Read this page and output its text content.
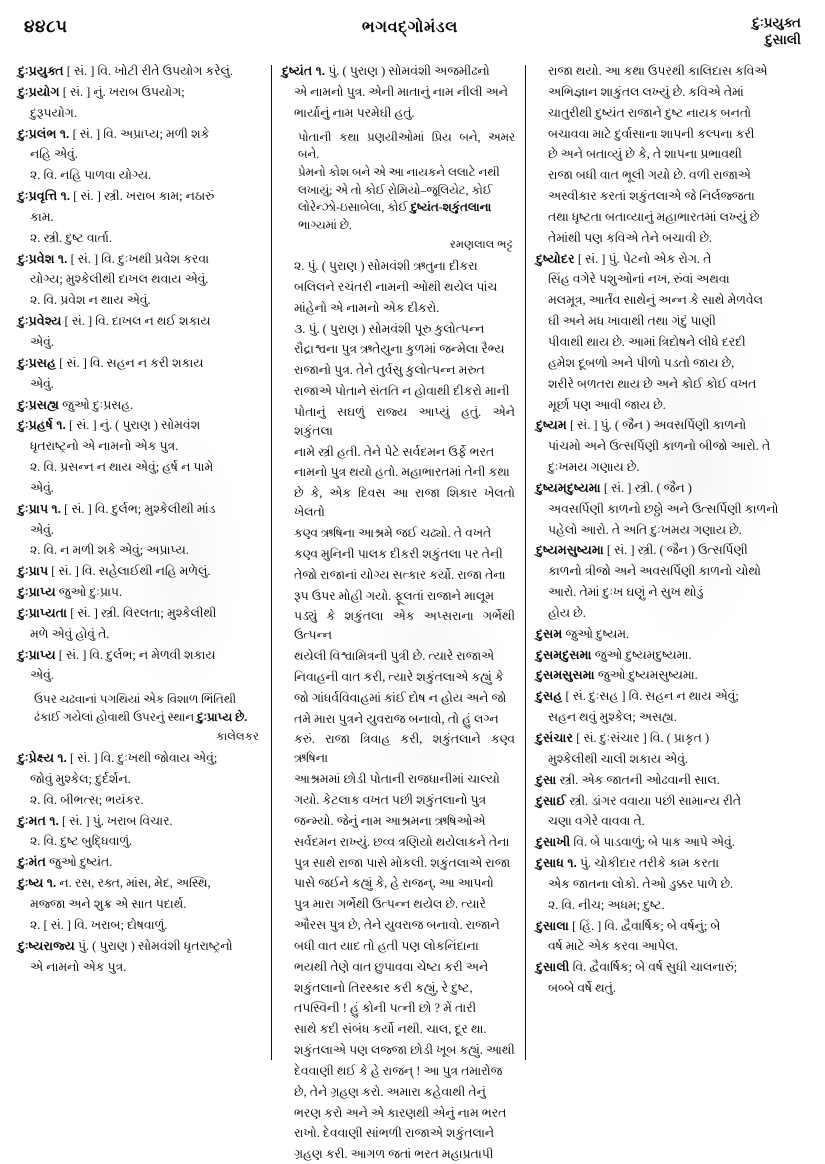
૪૪૮૫	ભગવદ્ગોમંડલ	દુઃપ્રયુક્ત
દુસાલી

દુઃપ્રયુક્ત [ સં. ] વિ. ખોટી રીતે ઉપયોગ કરેલું.

દુઃપ્રયોગ [ સં. ] નું. ખરાબ ઉપયોગ;

દુરૂપયોગ.

દુઃપ્રલંભ ૧. [ સં. ] વિ. અપ્રાપ્ય; મળી શકે

નહિ એવું.

૨. વિ. નહિ પાળવા યોગ્ય.

દુઃપ્રવૃત્તિ ૧. [ સં. ] સ્ત્રી. ખરાબ કામ; નઠારું

કામ.

૨. સ્ત્રી. દુષ્ટ વાર્તા.

દુઃપ્રવેશ ૧. [ સં. ] વિ. દુઃખથી પ્રવેશ કરવા

યોગ્ય; મુશ્કેલીથી દાખલ થવાય એવું.

૨. વિ. પ્રવેશ ન થાય એવું.

દુઃપ્રવેશ્ય [ સં. ] વિ. દાખલ ન થઈ શકાય

એવું.

દુઃપ્રસહ [ સં. ] વિ. સહન ન કરી શકાય

એવું.

દુઃપ્રસહ્ય જુઓ દુઃપ્રસહ.

દુઃપ્રહર્ષ ૧. [ સં. ] નું. ( પુરાણ ) સોમવંશ

ધૃતરાષ્ટ્રનો એ નામનો એક પુત્ર.

૨. વિ. પ્રસન્ન ન થાય એવું; હર્ષ ન પામે

એવું.

દુઃપ્રાપ ૧. [ સં. ] વિ. દુર્લભ; મુશ્કેલીથી માંડ

એવું.

૨. વિ. ન મળી શકે એવું; અપ્રાપ્ય.

દુઃપ્રાપ [ સં. ] વિ. સહેલાઈથી નહિ મળેલું.

દુઃપ્રાપ્ય જુઓ દુઃપ્રાપ.

દુઃપ્રાપ્યતા [ સં. ] સ્ત્રી. વિરલતા; મુશ્કેલીથી

મળે એવું હોવું તે.

દુઃપ્રાપ્ય [ સં. ] વિ. દુર્લભ; ન મેળવી શકાય

એવું.

ઉપર ચઢવાનાં પગથિયાં એક વિશાળ ભિંતિથી
ઢંકાઈ ગયેલાં હોવાથી ઉપરનું સ્થાન દુઃપ્રાપ્ય છે.
કાલેલકર

દુઃપ્રેક્ષ્ય ૧. [ સં. ] વિ. દુઃખથી જોવાય એવું;

જોવું મુશ્કેલ; દુર્દર્શન.

૨. વિ. બીભત્સ; ભયંકર.

દુઃમત ૧. [ સં. ] પું. ખરાબ વિચાર.

૨. વિ. દુષ્ટ બુદ્ધિવાળું.

દુઃમંત જુઓ દુષ્યંત.

દુઃષ્ય ૧. ન. રસ, રક્ત, માંસ, મેદ, અસ્થિ,

મજ્જા અને શુક્ર એ સાત પદાર્થ.

૨. [ સં. ] વિ. ખરાબ; દોષવાળું.

દુઃષ્યરાજ્ય પું. ( પુરાણ ) સોમવંશી ધૃતરાષ્ટ્રનો

એ નામનો એક પુત્ર.

દુષ્યંત ૧. પું. ( પુરાણ ) સોમવંશી અજમીઢનો

એ નામનો પુત્ર. એની માતાનું નામ નીલી અને

ભાર્યાનું નામ પરમેઘી હતું.

પોતાની કથા પ્રણયીઓમાં પ્રિય બને, અમર બને.
પ્રેમનો કોશ બને એ આ નાયકને લલાટે નથી
લખાયું; એ તો કોઈ રોમિયો–જૂલિયેટ, કોઈ
લોરેન્ઝો-ઇસાબેલા, કોઈ દુષ્યંત-શકુંતલાના
ભાગ્યમાં છે.
રમણલાલ ભટ્ટ

૨. પું. ( પુરાણ ) સોમવંશી ઋતુના દીકરા

બલિલને રચંતરી નામની ઓથી થયેલ પાંચ

માંહેનો એ નામનો એક દીકરો.

૩. પું. ( પુરાણ ) સોમવંશી પૂરુ કુલોત્પન્ન

રૌદ્રાશ્વના પુત્ર ઋતેયુના કુળમાં જન્મેલા રૈભ્ય

રાજાનો પુત્ર. તેને તુર્વસુ કુલોત્પન્ન મરુત

રાજાએ પોતાને સંતતિ ન હોવાથી દીકરો માની

પોતાનું સઘળું રાજ્ય આપ્યું હતું. એને શકુંતલા

નામે સ્ત્રી હતી. તેને પેટે સર્વદમન ઉર્ફે ભરત

નામનો પુત્ર થયો હતો. મહાભારતમાં તેની કથા

છે કે, એક દિવસ આ રાજા શિકાર ખેલતો ખેલતો

કણ્વ ઋષિના આશ્રમે જઈ ચઢ્યો. તે વખતે

કણ્વ મુનિની પાલક દીકરી શકુંતલા પર તેની

તેજો રાજાનાં યોગ્ય સત્કાર કર્યો. રાજા તેના

રૂપ ઉપર મોહી ગયો. ફૂલતાં રાજાને માલૂમ

પડ્યું કે શકુંતલા એક અપ્સરાના ગર્ભેથી ઉત્પન્ન

થયેલી વિશ્વામિત્રની પુત્રી છે. ત્યારે રાજાએ

નિવાહની વાત કરી, ત્યારે શકુંતલાએ કહ્યું કે

જો ગાંધર્વવિવાહમાં કાંઈ દોષ ન હોય અને જો

તમે મારા પુત્રને યુવરાજ બનાવો, તો હું લગ્ન

કરું. રાજા ત્રિવાહ કરી, શકુંતલાને કણ્વ ઋષિના

આશ્રમમાં છોડી પોતાની રાજધાનીમાં ચાલ્યો

ગયો. કેટલાક વખત પછી શકુંતલાનો પુત્ર

જન્મ્યો. જેનું નામ આશ્રમના ઋષિઓએ

સર્વદમન રાખ્યું. છવ્વ ત્રણિયો થયેલાકને તેના

પુત્ર સાથે રાજા પાસે મોકલી. શકુંતલાએ રાજા

પાસે જઈને કહ્યું કે, હે રાજન્, આ આપનો

પુત્ર મારા ગર્ભેથી ઉત્પન્ન થયેલ છે. ત્યારે

ઔરસ પુત્ર છે, તેને યુવરાજ બનાવો. રાજાને

બધી વાત યાદ તો હતી પણ લોકનિંદાના

ભયથી તેણે વાત છુપાવવા ચેષ્ટા કરી અને

શકુંતલાનો તિરસ્કાર કરી કહ્યું, રે દુષ્ટ,

તપસ્વિની ! હું કોની પત્ની છો ? મેં તારી

સાથે કદી સંબંધ કર્યો નથી. ચાલ, દૂર થા.

શકુંતલાએ પણ લજ્જા છોડી ખૂબ કહ્યું. આથી

દેવવાણી થઈ કે હે રાજન્ ! આ પુત્ર તમારોજ

છે, તેને ગ્રહણ કરો. અમારા કહેવાથી તેનું

ભરણ કરો અને એ કારણથી એનું નામ ભરત

રાખો. દેવવાણી સાંભળી રાજાએ શકુંતલાને

ગ્રહણ કરી. આગળ જતાં ભરત મહાપ્રતાપી

રાજા થયો. આ કથા ઉપરથી કાલિદાસ કવિએ

અભિજ્ઞાન શાકુંતલ લખ્યું છે. કવિએ તેમાં

ચાતુરીથી દુષ્યંત રાજાને દુષ્ટ નાયક બનતો

બચાવવા માટે દુર્વાસાના શાપની કલ્પના કરી

છે અને બતાવ્યું છે કે, તે શાપના પ્રભાવથી

રાજા બધી વાત ભૂલી ગયો છે. વળી રાજાએ

અસ્વીકાર કરતાં શકુંતલાએ જે નિર્લજ્જતા

તથા ધૃષ્ટતા બતાવ્યાનું મહાભારતમાં લખ્યું છે

તેમાંથી પણ કવિએ તેને બચાવી છે.

દુષ્યોદર [ સં. ] પું. પેટનો એક રોગ. તે

સિંહ વગેરે પશુઓનાં નખ, રુંવાં અથવા

મલમૂત્ર, આર્તંવ સાથેનું અન્ન કે સાથે મેળવેલ

ઘી અને મધ ખાવાથી તથા ગંદું પાણી

પીવાથી થાય છે. આમાં ત્રિદોષને લીધે દરદી

હમેશ દૂબળો અને પીળો પડતો જાય છે,

શરીરે બળતરા થાય છે અને કોઈ કોઈ વખત

મૂર્છા પણ આવી જાય છે.

દુષ્યમ [ સં. ] પું. ( જૈન ) અવસર્પિણી કાળનો

પાંચમો અને ઉત્સર્પિણી કાળનો બીજો આરો. તે

દુઃખમય ગણાય છે.

દુષ્યમદુષ્યમા [ સં. ] સ્ત્રી. ( જૈન )

અવસર્પિણી કાળનો છઠ્ઠો અને ઉત્સર્પિણી કાળનો

પહેલો આરો. તે અતિ દુઃખમય ગણાય છે.

દુષ્યમસુષ્યમા [ સં. ] સ્ત્રી. ( જૈન ) ઉત્સર્પિણી

કાળનો ત્રીજો અને અવસર્પિણી કાળનો ચોથો

આરો. તેમાં દુઃખ ઘણું ને સુખ થોડું

હોય છે.

દુસમ જુઓ દુષ્યમ.

દુસમદુસમા જુઓ દુષ્યમદુષ્યમા.

દુસમસુસમા જુઓ દુષ્યમસુષ્યમા.

દુસહ [ સં. દુઃસહ ] વિ. સહન ન થાય એવું;

સહન થવું મુશ્કેલ; અસહ્ય.

દુસંચાર [ સં. દુઃસંચાર ] વિ. ( પ્રાકૃત )

મુશ્કેલીથી ચાલી શકાય એવું.

દુસા સ્ત્રી. એક જાતની ઓઢવાની સાલ.

દુસાઈ સ્ત્રી. ડાંગર વવાયા પછી સામાન્ય રીતે

ચણા વગેરે વાવવા તે.

દુસાખી વિ. બે પાડવાળું; બે પાક આપે એવું.

દુસાધ ૧. પું. ચોકીદાર તરીકે કામ કરતા

એક જાતના લોકો. તેઓ ડુક્કર પાળે છે.

૨. વિ. નીચ; અધમ; દુષ્ટ.

દુસાલા [ હિં. ] વિ. દ્વૈવાર્ષિક; બે વર્ષનું; બે

વર્ષ માટે એક કરવા આપેલ.

દુસાલી વિ. દ્વૈવાર્ષિક; બે વર્ષ સુધી ચાલનારું;

બબ્બે વર્ષે થતું.
